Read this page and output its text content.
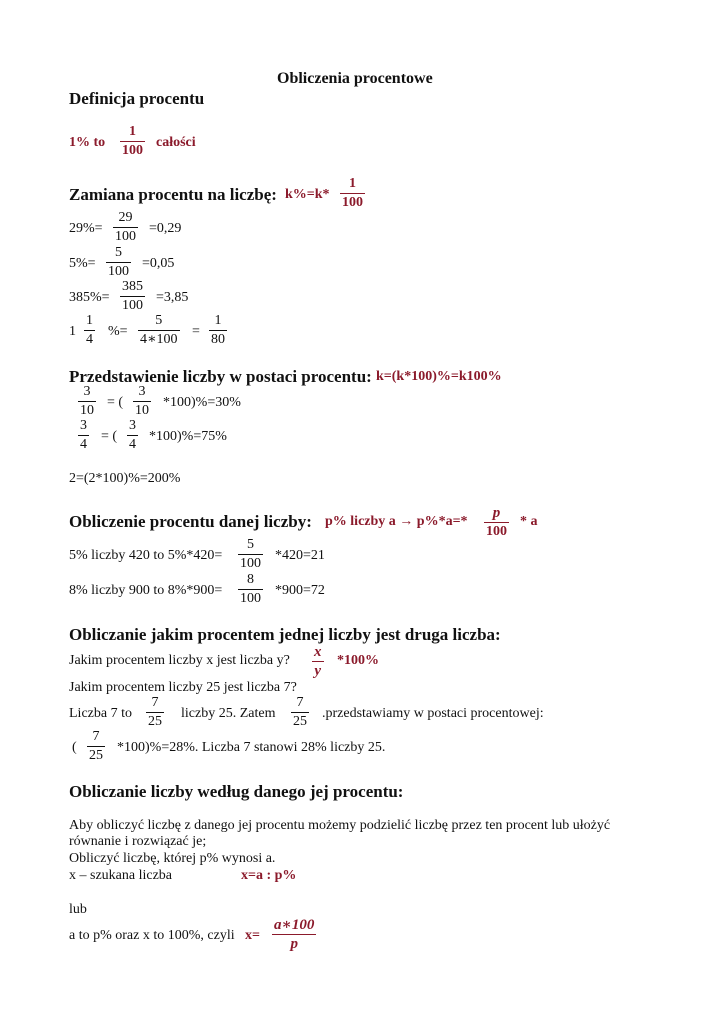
Obliczenia procentowe
Definicja procentu
1% to
1
100
całości
Zamiana procentu na liczbę: k%=k*
1
100
29%=
29
100
=0,29
5%=
5
100
=0,05
385%=
385
100
=3,85
1
1
4
%=
5
4∗100
=
1
80
Przedstawienie liczby w postaci procentu: k=(k*100)%=k100%
3
10
= (
3
10
*100)%=30%
3
4
= (
3
4
*100)%=75%
2=(2*100)%=200%
Obliczenie procentu danej liczby: p% liczby a → p%*a=*
p
100
* a
5% liczby 420 to 5%*420=
5
100
*420=21
8% liczby 900 to 8%*900=
8
100
*900=72
Obliczanie jakim procentem jednej liczby jest druga liczba:
Jakim procentem liczby x jest liczba y?
x
y
*100%
Jakim procentem liczby 25 jest liczba 7?
Liczba 7 to
7
25
liczby 25. Zatem
7
25
.przedstawiamy w postaci procentowej:
(
7
25
*100)%=28%. Liczba 7 stanowi 28% liczby 25.
Obliczanie liczby według danego jej procentu:
Aby obliczyć liczbę z danego jej procentu możemy podzielić liczbę przez ten procent lub ułożyć
równanie i rozwiązać je;
Obliczyć liczbę, której p% wynosi a.
x – szukana liczba	x=a : p%
lub
a to p% oraz x to 100%, czyli x=
a∗100
p
